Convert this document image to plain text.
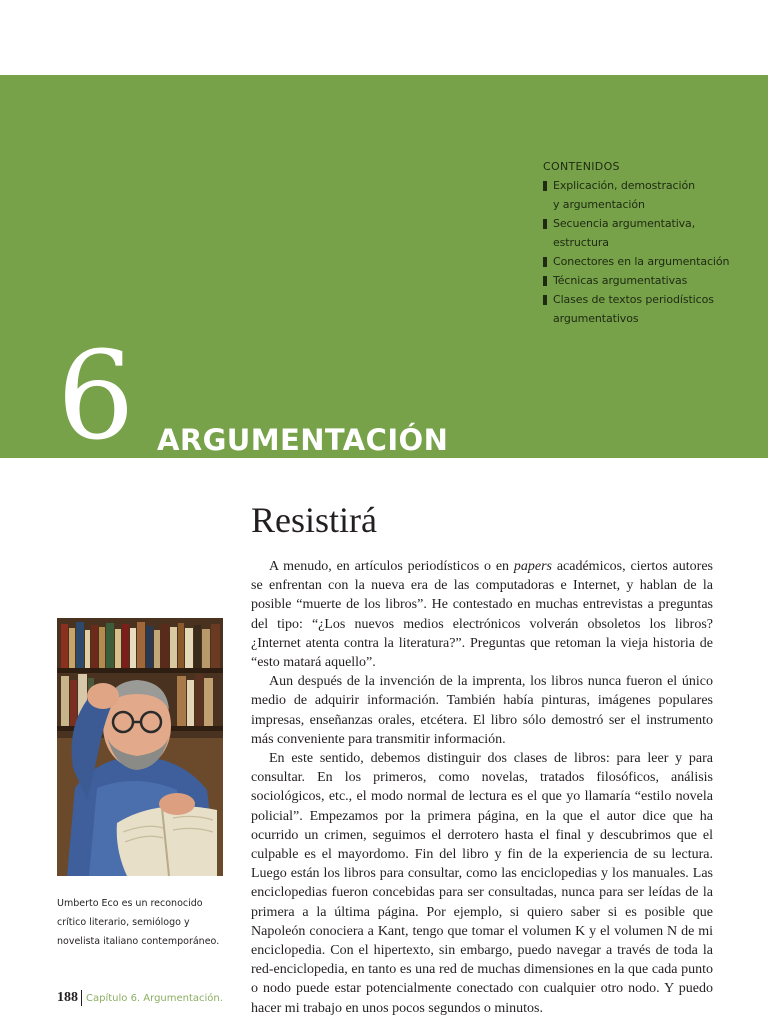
CONTENIDOS
Explicación, demostración
y argumentación
Secuencia argumentativa,
estructura
Conectores en la argumentación
Técnicas argumentativas
Clases de textos periodísticos
argumentativos
6 ARGUMENTACIÓN
Resistirá

A menudo, en artículos periodísticos o en papers académicos, ciertos autores se enfrentan con la nueva era de las computadoras e Internet, y hablan de la posible “muerte de los libros”. He contestado en muchas entrevistas a preguntas del tipo: “¿Los nuevos medios electrónicos volverán obsoletos los libros? ¿Internet atenta contra la literatura?”. Preguntas que retoman la vieja historia de “esto matará aquello”.

Aun después de la invención de la imprenta, los libros nunca fueron el único medio de adquirir información. También había pinturas, imágenes populares impresas, enseñanzas orales, etcétera. El libro sólo demostró ser el instrumento más conveniente para transmitir información.

En este sentido, debemos distinguir dos clases de libros: para leer y para consultar. En los primeros, como novelas, tratados filosóficos, análisis sociológicos, etc., el modo normal de lectura es el que yo llamaría “estilo novela policial”. Empezamos por la primera página, en la que el autor dice que ha ocurrido un crimen, seguimos el derrotero hasta el final y descubrimos que el culpable es el mayordomo. Fin del libro y fin de la experiencia de su lectura. Luego están los libros para consultar, como las enciclopedias y los manuales. Las enciclopedias fueron concebidas para ser consultadas, nunca para ser leídas de la primera a la última página. Por ejemplo, si quiero saber si es posible que Napoleón conociera a Kant, tengo que tomar el volumen K y el volumen N de mi enciclopedia. Con el hipertexto, sin embargo, puedo navegar a través de toda la red-enciclopedia, en tanto es una red de muchas dimensiones en la que cada punto o nodo puede estar potencialmente conectado con cualquier otro nodo. Y puedo hacer mi trabajo en unos pocos segundos o minutos.

Umberto Eco es un reconocido crítico literario, semiólogo y novelista italiano contemporáneo.
188 Capítulo 6. Argumentación.
